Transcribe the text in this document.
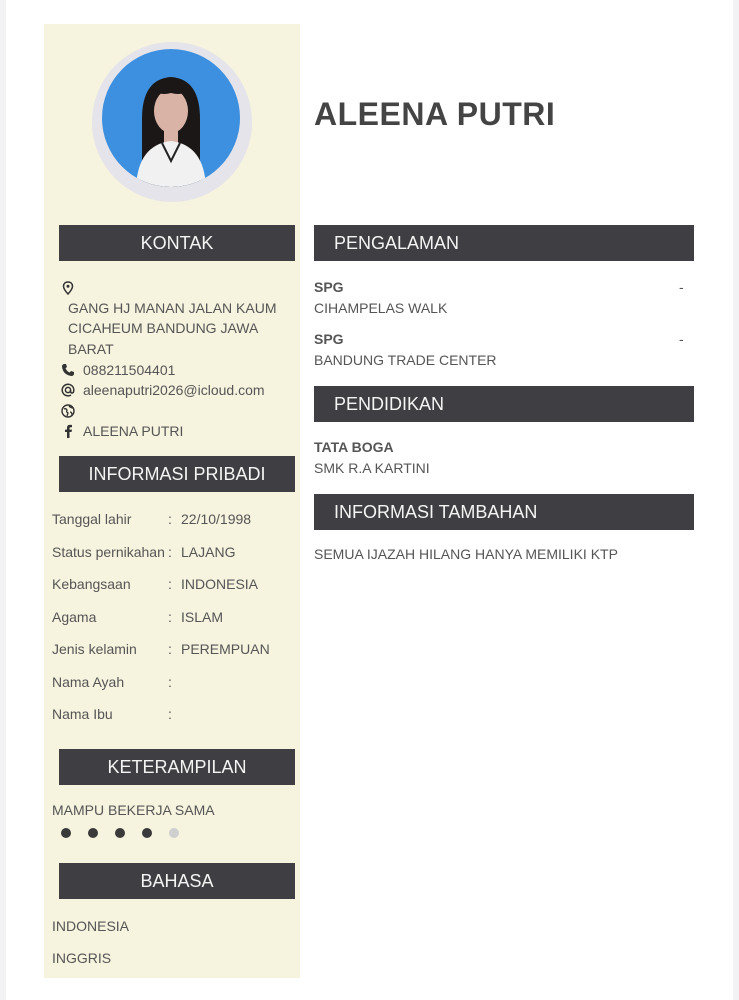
KONTAK
GANG HJ MANAN JALAN KAUM
CICAHEUM BANDUNG JAWA
BARAT
088211504401
aleenaputri2026@icloud.com
ALEENA PUTRI
INFORMASI PRIBADI
Tanggal lahir	: 22/10/1998
Status pernikahan : LAJANG
Kebangsaan	: INDONESIA
Agama	: ISLAM
Jenis kelamin : PEREMPUAN
Nama Ayah	:
Nama Ibu	:
KETERAMPILAN
MAMPU BEKERJA SAMA
BAHASA
INDONESIA
INGGRIS
ALEENA PUTRI
PENGALAMAN
SPG	-
CIHAMPELAS WALK
SPG	-
BANDUNG TRADE CENTER
PENDIDIKAN
TATA BOGA
SMK R.A KARTINI
INFORMASI TAMBAHAN
SEMUA IJAZAH HILANG HANYA MEMILIKI KTP
